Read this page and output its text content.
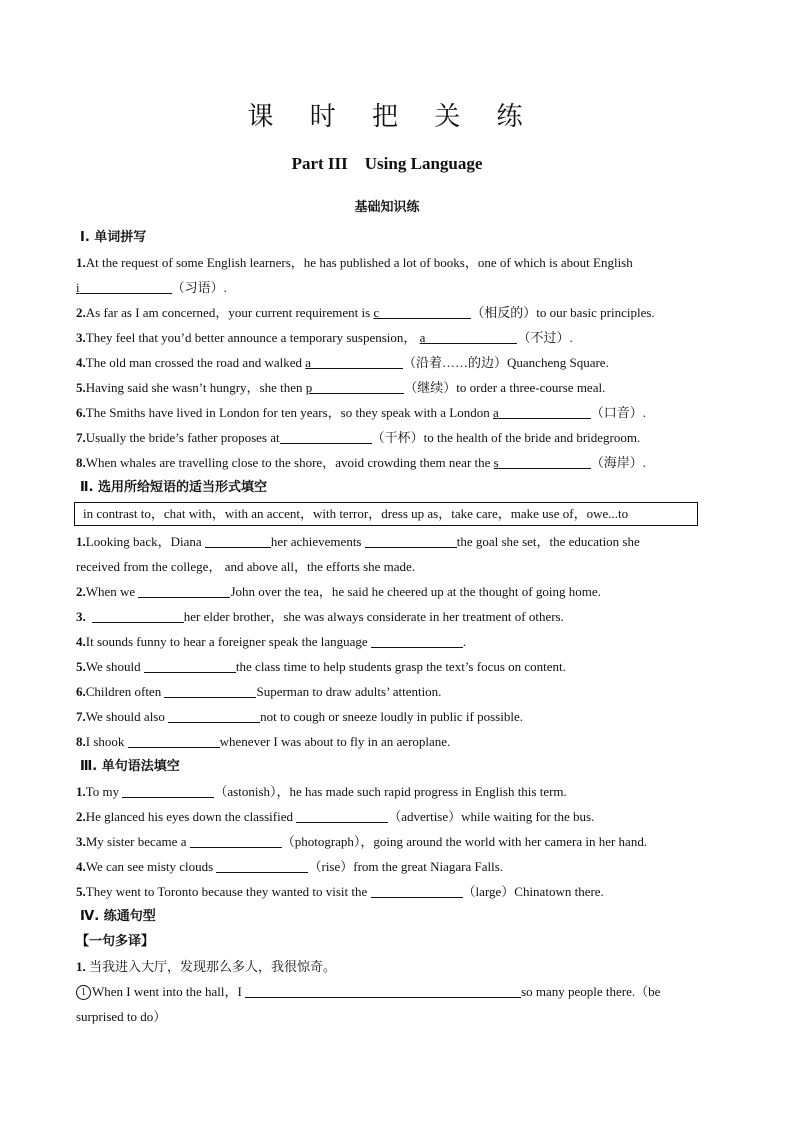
课 时 把 关 练
Part III　Using Language
基础知识练
Ⅰ. 单词拼写
1.At the request of some English learners，he has published a lot of books，one of which is about English
i	（习语）.
2.As far as I am concerned，your current requirement is c	（相反的）to our basic principles.
3.They feel that you’d better announce a temporary suspension， a	（不过）.
4.The old man crossed the road and walked a	（沿着……的边）Quancheng Square.
5.Having said she wasn’t hungry，she then p	（继续）to order a three-course meal.
6.The Smiths have lived in London for ten years，so they speak with a London a	（口音）.
7.Usually the bride’s father proposes at	（干杯）to the health of the bride and bridegroom.
8.When whales are travelling close to the shore，avoid crowding them near the s	（海岸）.
Ⅱ. 选用所给短语的适当形式填空
in contrast to，chat with，with an accent，with terror，dress up as，take care，make use of，owe...to
1.Looking back，Diana	her achievements	the goal she set，the education she
received from the college， and above all，the efforts she made.
2.When we	John over the tea，he said he cheered up at the thought of going home.
3.	her elder brother，she was always considerate in her treatment of others.
4.It sounds funny to hear a foreigner speak the language	.
5.We should	the class time to help students grasp the text’s focus on content.
6.Children often	Superman to draw adults’ attention.
7.We should also	not to cough or sneeze loudly in public if possible.
8.I shook	whenever I was about to fly in an aeroplane.
Ⅲ. 单句语法填空
1.To my	（astonish），he has made such rapid progress in English this term.
2.He glanced his eyes down the classified	（advertise）while waiting for the bus.
3.My sister became a	（photograph），going around the world with her camera in her hand.
4.We can see misty clouds	（rise）from the great Niagara Falls.
5.They went to Toronto because they wanted to visit the	（large）Chinatown there.
Ⅳ. 练通句型
【一句多译】
1. 当我进入大厅，发现那么多人，我很惊奇。
1 When I went into the hall，I	so many people there.（be
surprised to do）
